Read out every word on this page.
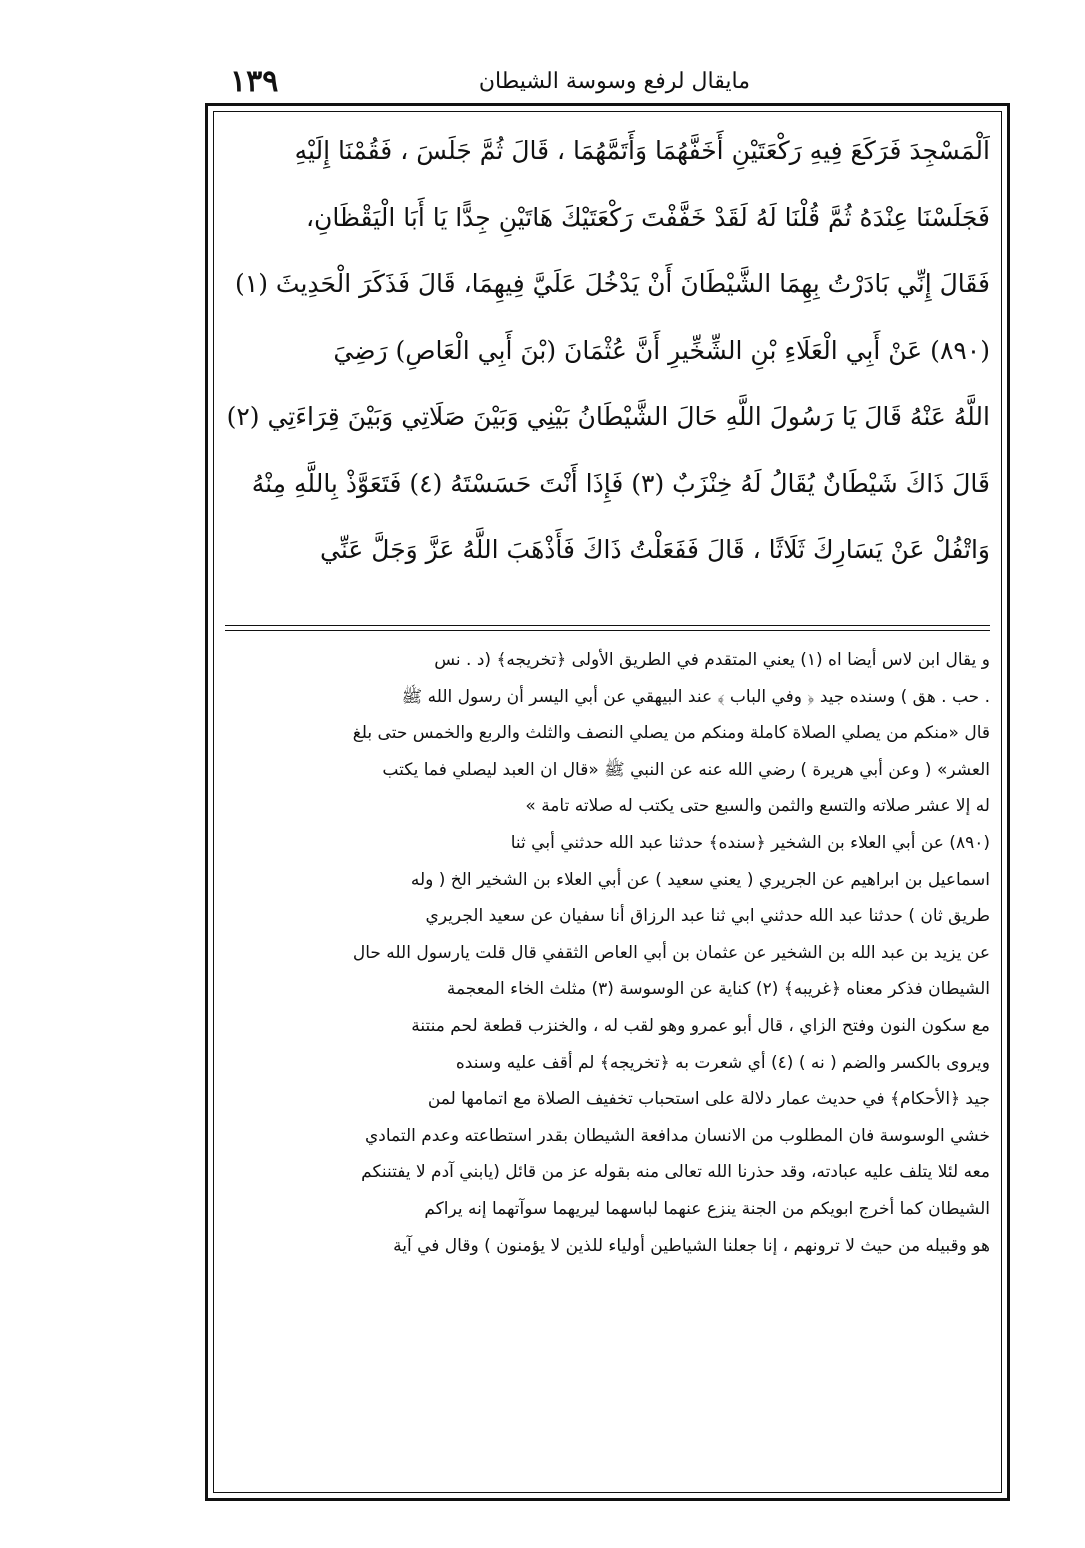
مايقال لرفع وسوسة الشيطان
١٣٩
اَلْمَسْجِدَ فَرَكَعَ فِيهِ رَكْعَتَيْنِ أَخَفَّهُمَا وَأَتَمَّهُمَا ، قَالَ ثُمَّ جَلَسَ ، فَقُمْنَا إِلَيْهِ
فَجَلَسْنَا عِنْدَهُ ثُمَّ قُلْنَا لَهُ لَقَدْ خَفَّفْتَ رَكْعَتَيْكَ هَاتَيْنِ جِدًّا يَا أَبَا الْيَقْظَانِ،
فَقَالَ إِنِّي بَادَرْتُ بِهِمَا الشَّيْطَانَ أَنْ يَدْخُلَ عَلَيَّ فِيهِمَا، قَالَ فَذَكَرَ الْحَدِيثَ (١)
(٨٩٠) عَنْ أَبِي الْعَلَاءِ بْنِ الشِّخِّيرِ أَنَّ عُثْمَانَ (بْنَ أَبِي الْعَاصِ) رَضِيَ
اللَّهُ عَنْهُ قَالَ يَا رَسُولَ اللَّهِ حَالَ الشَّيْطَانُ بَيْنِي وَبَيْنَ صَلَاتِي وَبَيْنَ قِرَاءَتِي (٢)
قَالَ ذَاكَ شَيْطَانٌ يُقَالُ لَهُ خِنْزَبٌ (٣) فَإِذَا أَنْتَ حَسَسْتَهُ (٤) فَتَعَوَّذْ بِاللَّهِ مِنْهُ
وَاتْفُلْ عَنْ يَسَارِكَ ثَلَاثًا ، قَالَ فَفَعَلْتُ ذَاكَ فَأَذْهَبَ اللَّهُ عَزَّ وَجَلَّ عَنِّي
و يقال ابن لاس أيضا اه (١) يعني المتقدم في الطريق الأولى ﴿تخريجه﴾ (د . نس
. حب . هق ) وسنده جيد ﴿ وفي الباب ﴾ عند البيهقي عن أبي اليسر أن رسول الله ﷺ
قال «منكم من يصلي الصلاة كاملة ومنكم من يصلي النصف والثلث والربع والخمس حتى بلغ
العشر» ( وعن أبي هريرة ) رضي الله عنه عن النبي ﷺ «قال ان العبد ليصلي فما يكتب
له إلا عشر صلاته والتسع والثمن والسبع حتى يكتب له صلاته تامة »
(٨٩٠) عن أبي العلاء بن الشخير ﴿سنده﴾ حدثنا عبد الله حدثني أبي ثنا
اسماعيل بن ابراهيم عن الجريري ( يعني سعيد ) عن أبي العلاء بن الشخير الخ ( وله
طريق ثان ) حدثنا عبد الله حدثني ابي ثنا عبد الرزاق أنا سفيان عن سعيد الجريري
عن يزيد بن عبد الله بن الشخير عن عثمان بن أبي العاص الثقفي قال قلت يارسول الله حال
الشيطان فذكر معناه ﴿غريبه﴾ (٢) كناية عن الوسوسة (٣) مثلث الخاء المعجمة
مع سكون النون وفتح الزاي ، قال أبو عمرو وهو لقب له ، والخنزب قطعة لحم منتنة
ويروى بالكسر والضم ( نه ) (٤) أي شعرت به ﴿تخريجه﴾ لم أقف عليه وسنده
جيد ﴿الأحكام﴾ في حديث عمار دلالة على استحباب تخفيف الصلاة مع اتمامها لمن
خشي الوسوسة فان المطلوب من الانسان مدافعة الشيطان بقدر استطاعته وعدم التمادي
معه لئلا يتلف عليه عبادته، وقد حذرنا الله تعالى منه بقوله عز من قائل (يابني آدم لا يفتننكم
الشيطان كما أخرج ابويكم من الجنة ينزع عنهما لباسهما ليريهما سوآتهما إنه يراكم
هو وقبيله من حيث لا ترونهم ، إنا جعلنا الشياطين أولياء للذين لا يؤمنون ) وقال في آية
